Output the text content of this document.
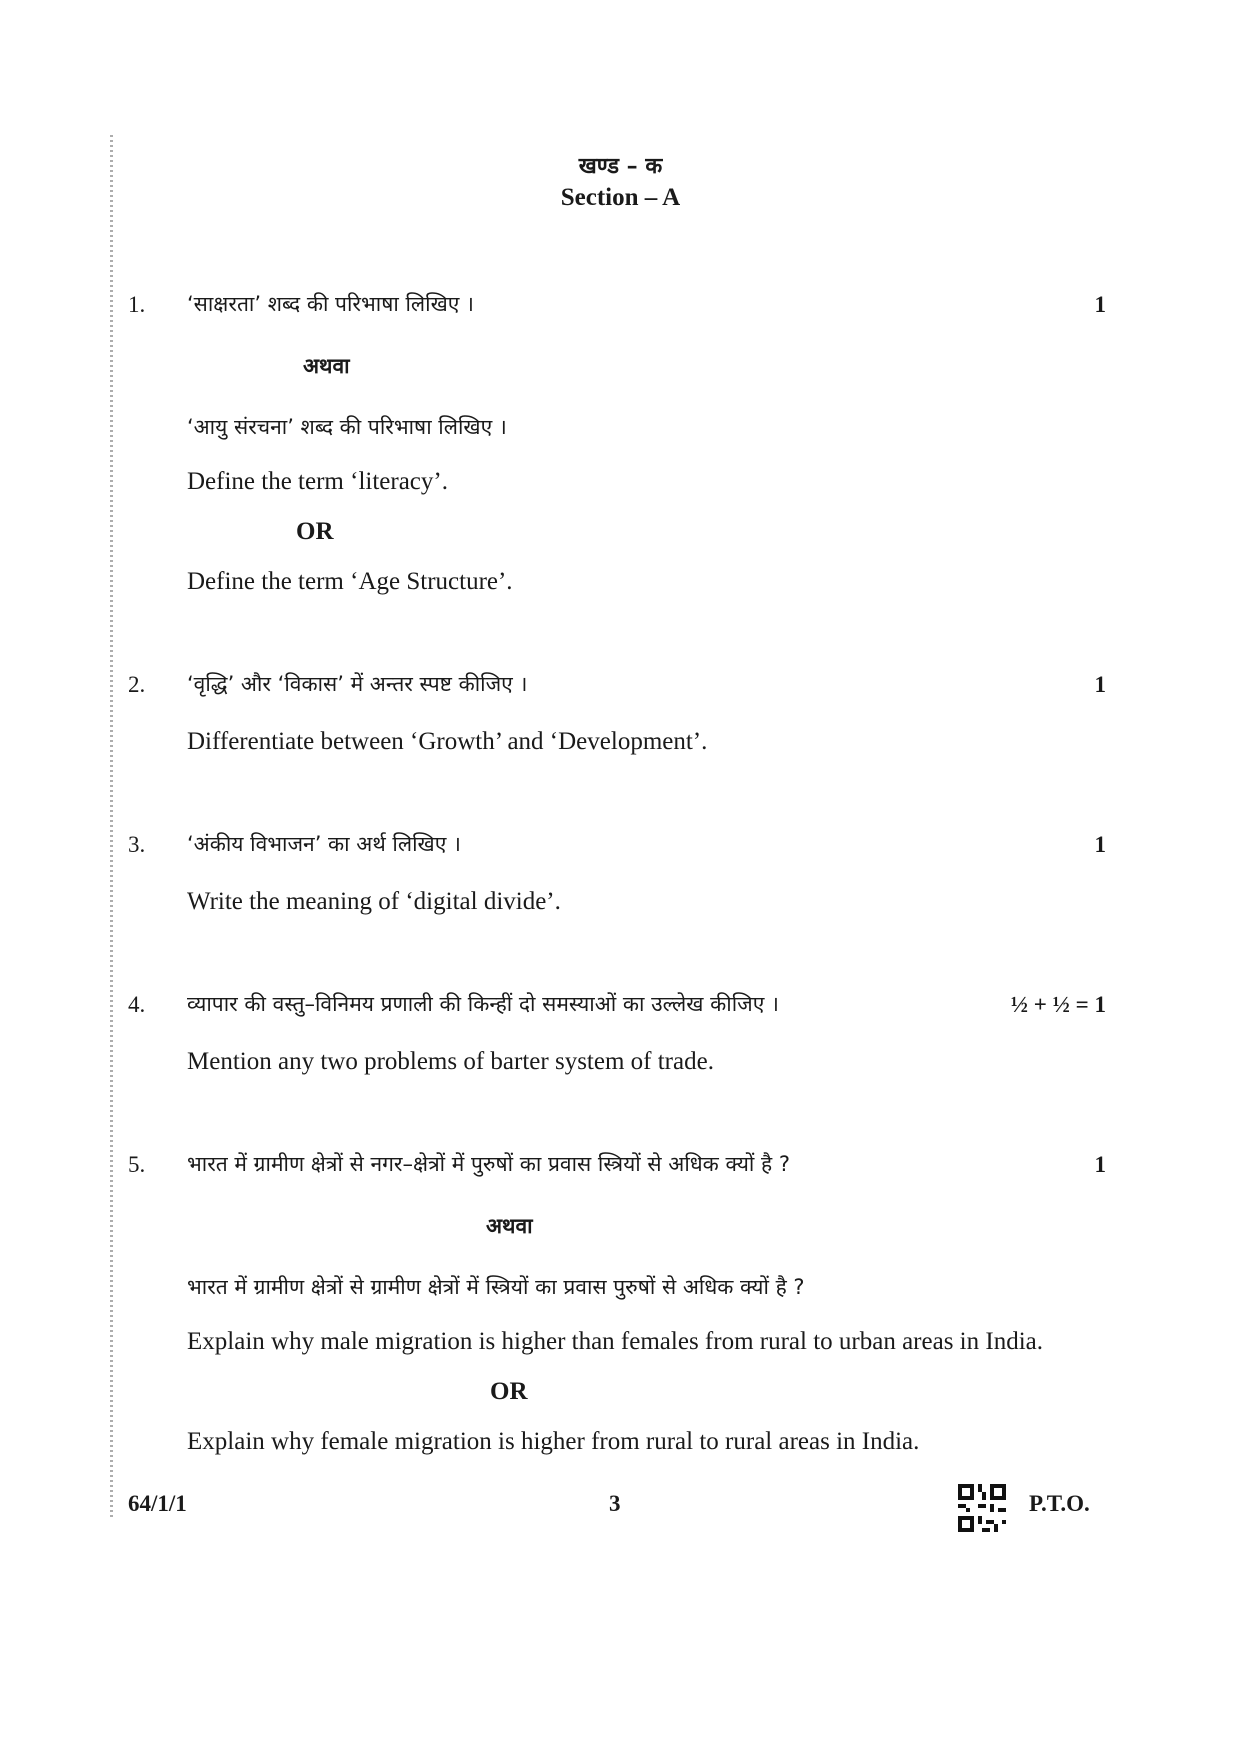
खण्ड – क
Section – A
1. ‘साक्षरता’ शब्द की परिभाषा लिखिए ।	1
अथवा
‘आयु संरचना’ शब्द की परिभाषा लिखिए ।
Define the term ‘literacy’.
OR
Define the term ‘Age Structure’.
2. ‘वृद्धि’ और ‘विकास’ में अन्तर स्पष्ट कीजिए ।	1
Differentiate between ‘Growth’ and ‘Development’.
3. ‘अंकीय विभाजन’ का अर्थ लिखिए ।	1
Write the meaning of ‘digital divide’.
4. व्यापार की वस्तु–विनिमय प्रणाली की किन्हीं दो समस्याओं का उल्लेख कीजिए ।	½ + ½ = 1
Mention any two problems of barter system of trade.
5. भारत में ग्रामीण क्षेत्रों से नगर–क्षेत्रों में पुरुषों का प्रवास स्त्रियों से अधिक क्यों है ?	1
अथवा
भारत में ग्रामीण क्षेत्रों से ग्रामीण क्षेत्रों में स्त्रियों का प्रवास पुरुषों से अधिक क्यों है ?
Explain why male migration is higher than females from rural to urban areas in India.
OR
Explain why female migration is higher from rural to rural areas in India.
64/1/1	3	P.T.O.
